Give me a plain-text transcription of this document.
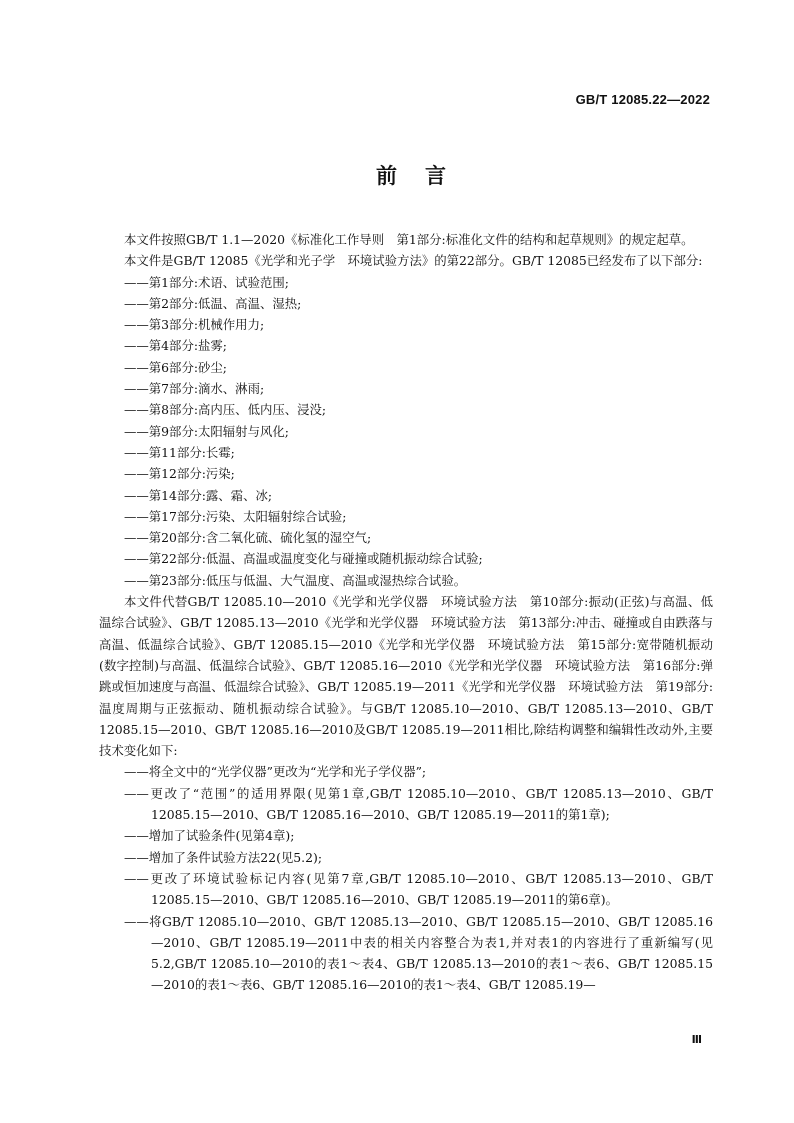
GB/T 12085.22—2022
前言

本文件按照GB/T 1.1—2020《标准化工作导则　第1部分:标准化文件的结构和起草规则》的规定起草。

本文件是GB/T 12085《光学和光子学　环境试验方法》的第22部分。GB/T 12085已经发布了以下部分:

——第1部分:术语、试验范围;

——第2部分:低温、高温、湿热;

——第3部分:机械作用力;

——第4部分:盐雾;

——第6部分:砂尘;

——第7部分:滴水、淋雨;

——第8部分:高内压、低内压、浸没;

——第9部分:太阳辐射与风化;

——第11部分:长霉;

——第12部分:污染;

——第14部分:露、霜、冰;

——第17部分:污染、太阳辐射综合试验;

——第20部分:含二氧化硫、硫化氢的湿空气;

——第22部分:低温、高温或温度变化与碰撞或随机振动综合试验;

——第23部分:低压与低温、大气温度、高温或湿热综合试验。

本文件代替GB/T 12085.10—2010《光学和光学仪器　环境试验方法　第10部分:振动(正弦)与高温、低温综合试验》、GB/T 12085.13—2010《光学和光学仪器　环境试验方法　第13部分:冲击、碰撞或自由跌落与高温、低温综合试验》、GB/T 12085.15—2010《光学和光学仪器　环境试验方法　第15部分:宽带随机振动(数字控制)与高温、低温综合试验》、GB/T 12085.16—2010《光学和光学仪器　环境试验方法　第16部分:弹跳或恒加速度与高温、低温综合试验》、GB/T 12085.19—2011《光学和光学仪器　环境试验方法　第19部分:温度周期与正弦振动、随机振动综合试验》。与GB/T 12085.10—2010、GB/T 12085.13—2010、GB/T 12085.15—2010、GB/T 12085.16—2010及GB/T 12085.19—2011相比,除结构调整和编辑性改动外,主要技术变化如下:

——将全文中的“光学仪器”更改为“光学和光子学仪器”;

——更改了“范围”的适用界限(见第1章,GB/T 12085.10—2010、GB/T 12085.13—2010、GB/T 12085.15—2010、GB/T 12085.16—2010、GB/T 12085.19—2011的第1章);

——增加了试验条件(见第4章);

——增加了条件试验方法22(见5.2);

——更改了环境试验标记内容(见第7章,GB/T 12085.10—2010、GB/T 12085.13—2010、GB/T 12085.15—2010、GB/T 12085.16—2010、GB/T 12085.19—2011的第6章)。

——将GB/T 12085.10—2010、GB/T 12085.13—2010、GB/T 12085.15—2010、GB/T 12085.16—2010、GB/T 12085.19—2011中表的相关内容整合为表1,并对表1的内容进行了重新编写(见5.2,GB/T 12085.10—2010的表1～表4、GB/T 12085.13—2010的表1～表6、GB/T 12085.15—2010的表1～表6、GB/T 12085.16—2010的表1～表4、GB/T 12085.19—

Ⅲ
